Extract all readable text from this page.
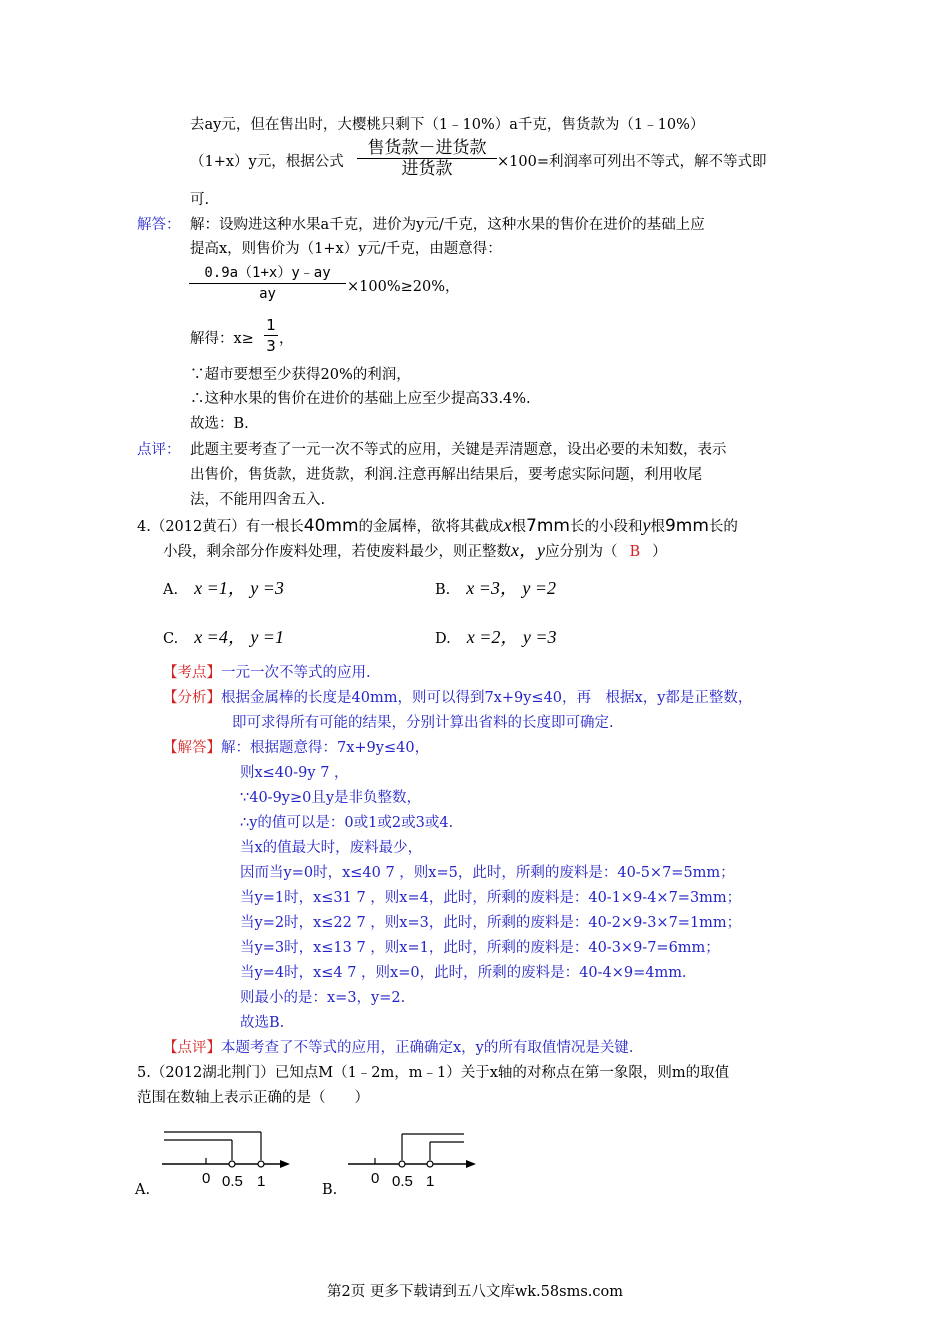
去ay元，但在售出时，大樱桃只剩下（1﹣10%）a千克，售货款为（1﹣10%）
（1+x）y元，根据公式
售货款－进货款
进货款	×100=利润率可列出不等式，解不等式即
可.
解答： 解：设购进这种水果a千克，进价为y元/千克，这种水果的售价在进价的基础上应
提高x，则售价为（1+x）y元/千克，由题意得：
0.9a（1+x）y﹣ay
ay	×100%≥20%，
解得：x≥
1
3 ，
∵超市要想至少获得20%的利润，
∴这种水果的售价在进价的基础上应至少提高33.4%.
故选：B.
点评： 此题主要考查了一元一次不等式的应用，关键是弄清题意，设出必要的未知数，表示
出售价，售货款，进货款，利润.注意再解出结果后，要考虑实际问题，利用收尾
法，不能用四舍五入.
4.（2012黄石）有一根长40mm的金属棒，欲将其截成x根7mm长的小段和y根9mm长的
小段，剩余部分作废料处理，若使废料最少，则正整数x，y应分别为（ B ）
A. x =1， y =3	B. x =3， y =2
C. x =4， y =1	D. x =2， y =3
【考点】一元一次不等式的应用.
【分析】根据金属棒的长度是40mm，则可以得到7x+9y≤40，再　根据x，y都是正整数，
即可求得所有可能的结果，分别计算出省料的长度即可确定.
【解答】解：根据题意得：7x+9y≤40，
则x≤40-9y 7 ，
∵40-9y≥0且y是非负整数，
∴y的值可以是：0或1或2或3或4.
当x的值最大时，废料最少，
因而当y=0时，x≤40 7 ，则x=5，此时，所剩的废料是：40-5×7=5mm；
当y=1时，x≤31 7 ，则x=4，此时，所剩的废料是：40-1×9-4×7=3mm；
当y=2时，x≤22 7 ，则x=3，此时，所剩的废料是：40-2×9-3×7=1mm；
当y=3时，x≤13 7 ，则x=1，此时，所剩的废料是：40-3×9-7=6mm；
当y=4时，x≤4 7 ，则x=0，此时，所剩的废料是：40-4×9=4mm.
则最小的是：x=3，y=2.
故选B.
【点评】本题考查了不等式的应用，正确确定x，y的所有取值情况是关键.
5.（2012湖北荆门）已知点M（1﹣2m，m﹣1）关于x轴的对称点在第一象限，则m的取值
范围在数轴上表示正确的是（　　）
0 0.5 1
A.
0 0.5 1
B.
第2页 更多下载请到五八文库wk.58sms.com
